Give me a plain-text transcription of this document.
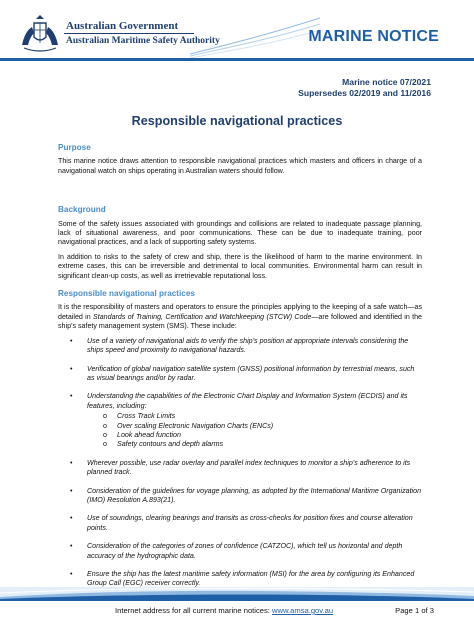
Australian Government
Australian Maritime Safety Authority	MARINE NOTICE
Marine notice 07/2021
Supersedes 02/2019 and 11/2016
Responsible navigational practices
Purpose
This marine notice draws attention to responsible navigational practices which masters and officers in charge of a navigational watch on ships operating in Australian waters should follow.
Background
Some of the safety issues associated with groundings and collisions are related to inadequate passage planning, lack of situational awareness, and poor communications. These can be due to inadequate training, poor navigational practices, and a lack of supporting safety systems.
In addition to risks to the safety of crew and ship, there is the likelihood of harm to the marine environment. In extreme cases, this can be irreversible and detrimental to local communities. Environmental harm can result in significant clean-up costs, as well as irretrievable reputational loss.
Responsible navigational practices
It is the responsibility of masters and operators to ensure the principles applying to the keeping of a safe watch—as detailed in Standards of Training, Certification and Watchkeeping (STCW) Code—are followed and identified in the ship’s safety management system (SMS). These include:
• Use of a variety of navigational aids to verify the ship’s position at appropriate intervals considering the ships speed and proximity to navigational hazards.
• Verification of global navigation satellite system (GNSS) positional information by terrestrial means, such as visual bearings and/or by radar.
• Understanding the capabilities of the Electronic Chart Display and Information System (ECDIS) and its features, including:
o Cross Track Limits
o Over scaling Electronic Navigation Charts (ENCs)
o Look ahead function
o Safety contours and depth alarms
• Wherever possible, use radar overlay and parallel index techniques to monitor a ship’s adherence to its planned track.
• Consideration of the guidelines for voyage planning, as adopted by the International Maritime Organization (IMO) Resolution A.893(21).
• Use of soundings, clearing bearings and transits as cross-checks for position fixes and course alteration points.
• Consideration of the categories of zones of confidence (CATZOC), which tell us horizontal and depth accuracy of the hydrographic data.
• Ensure the ship has the latest maritime safety information (MSI) for the area by configuring its Enhanced Group Call (EGC) receiver correctly.
Internet address for all current marine notices: www.amsa.gov.au	Page 1 of 3
